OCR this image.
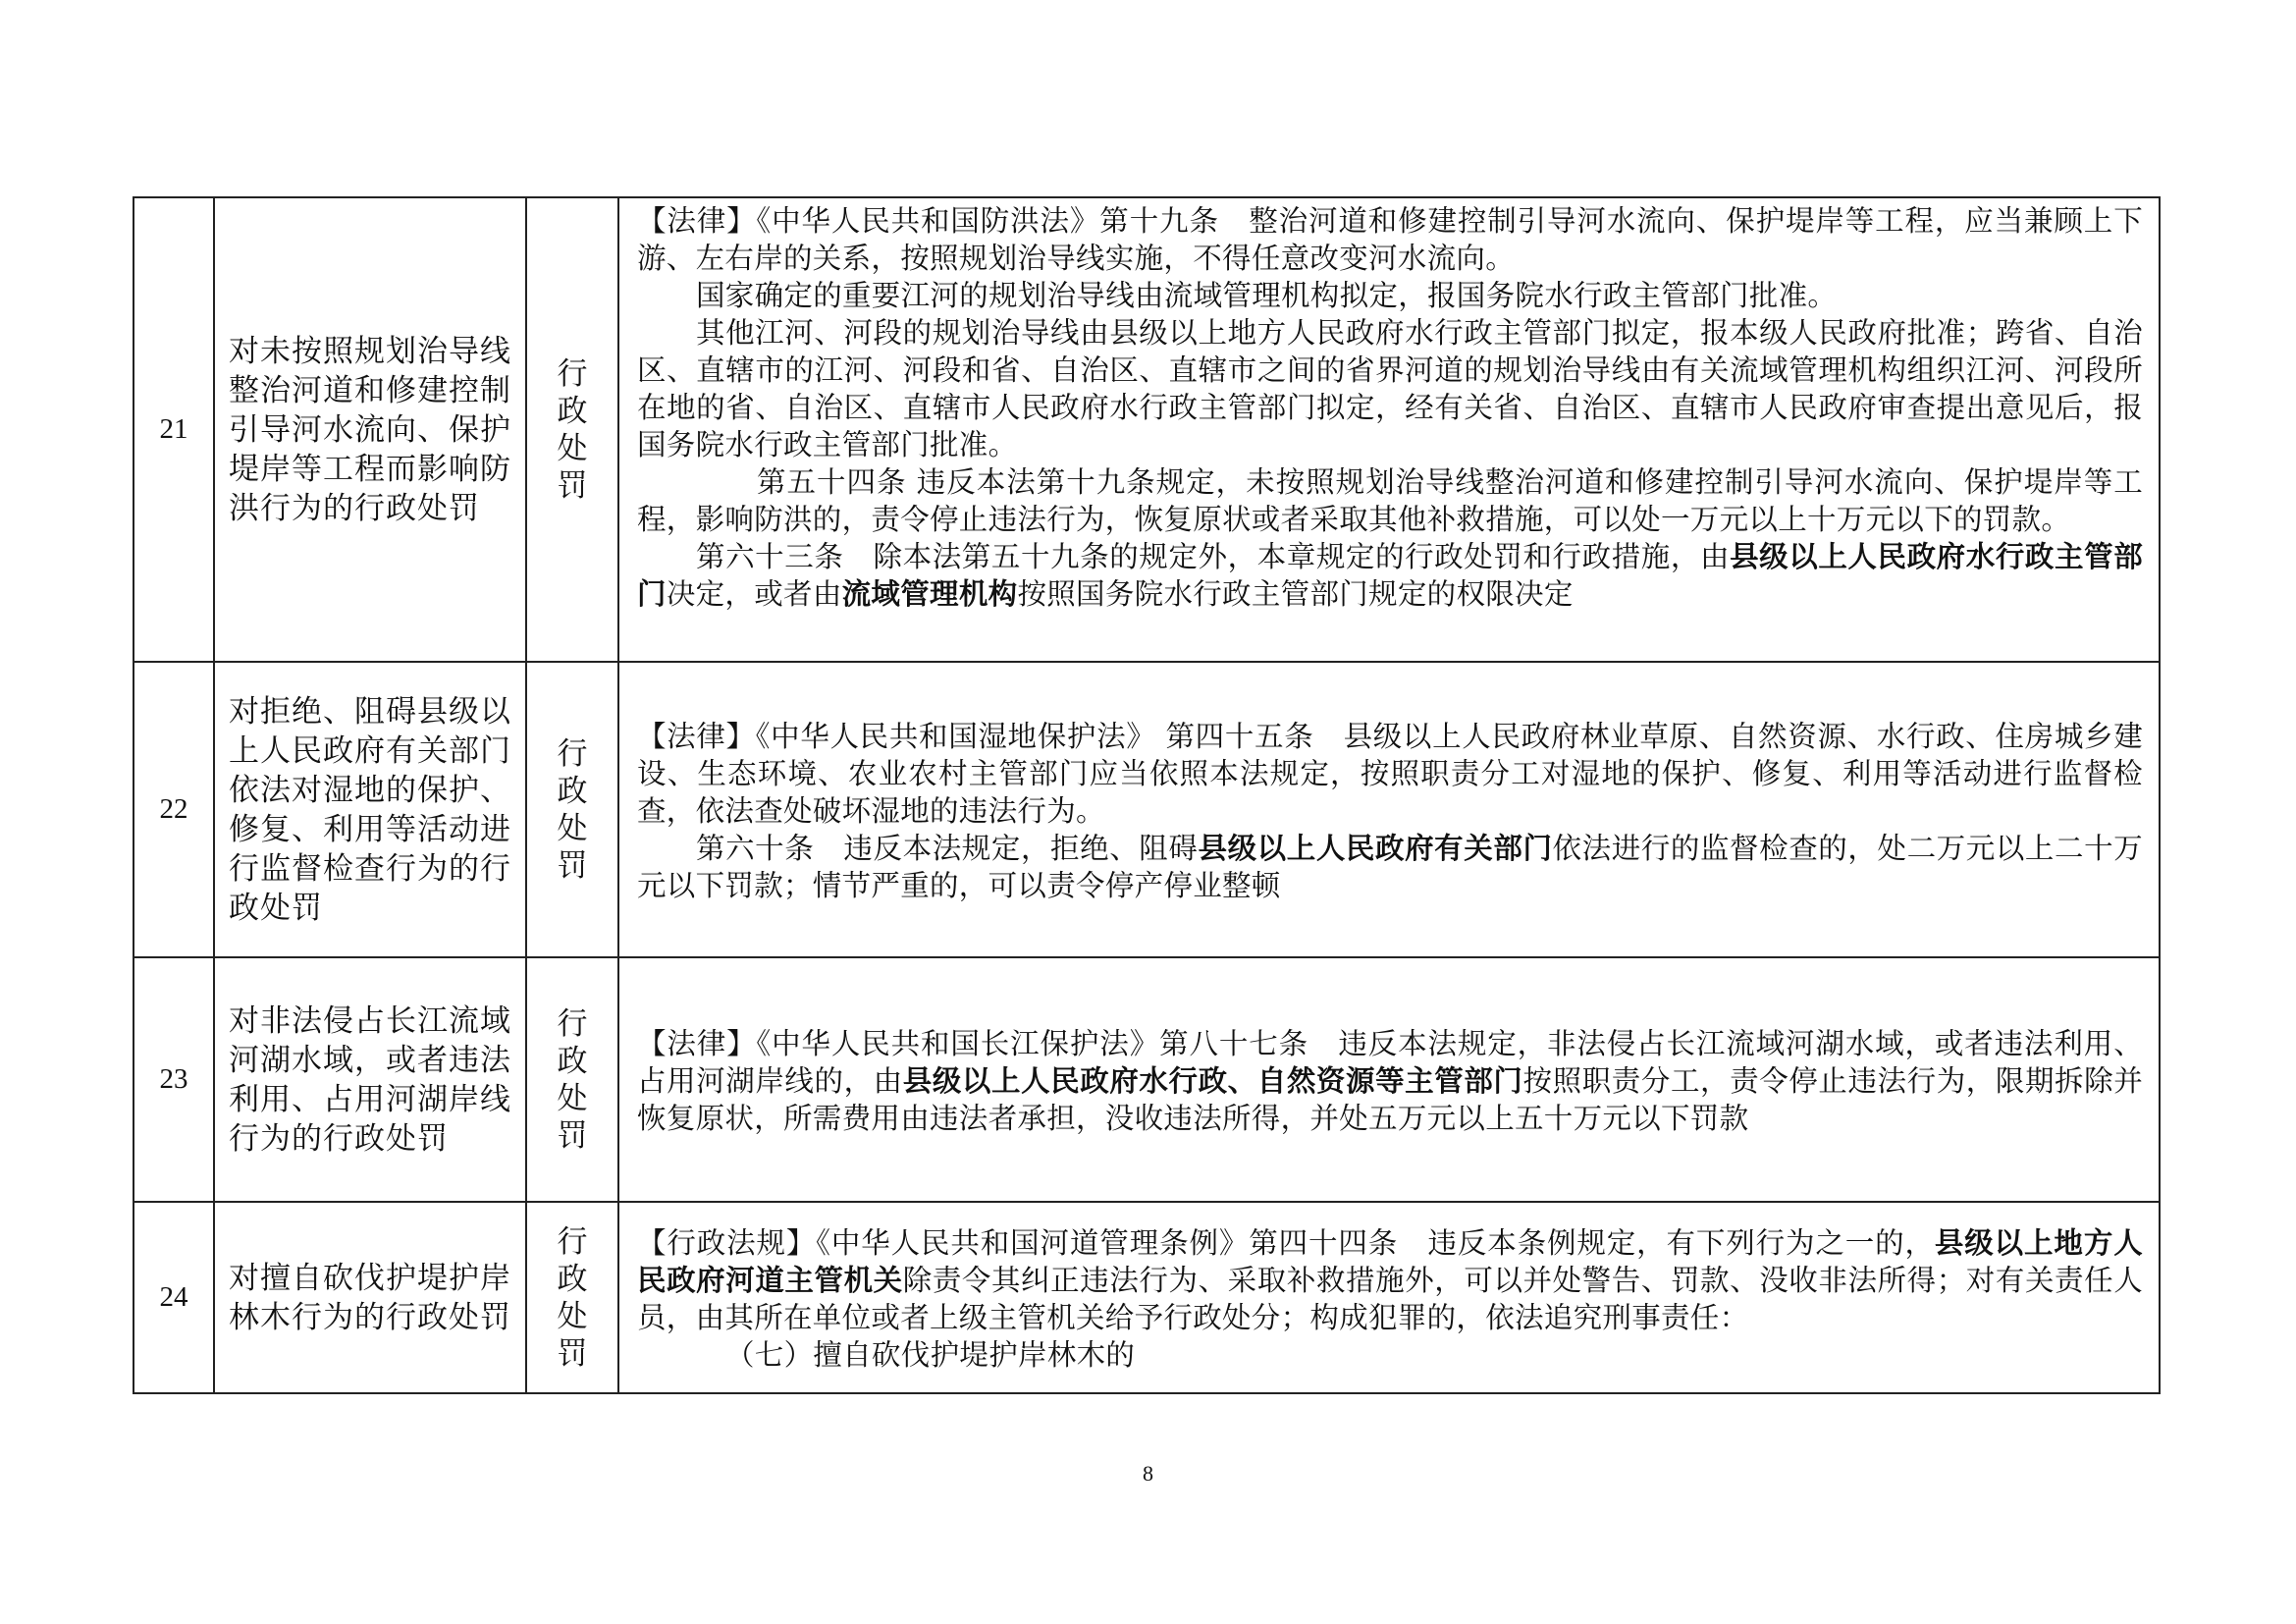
21	对未按照规划治导线整治河道和修建控制引导河水流向、保护堤岸等工程而影响防洪行为的行政处罚	行政处罚	【法律】《中华人民共和国防洪法》第十九条　整治河道和修建控制引导河水流向、保护堤岸等工程，应当兼顾上下游、左右岸的关系，按照规划治导线实施，不得任意改变河水流向。

国家确定的重要江河的规划治导线由流域管理机构拟定，报国务院水行政主管部门批准。

其他江河、河段的规划治导线由县级以上地方人民政府水行政主管部门拟定，报本级人民政府批准；跨省、自治区、直辖市的江河、河段和省、自治区、直辖市之间的省界河道的规划治导线由有关流域管理机构组织江河、河段所在地的省、自治区、直辖市人民政府水行政主管部门拟定，经有关省、自治区、直辖市人民政府审查提出意见后，报国务院水行政主管部门批准。

第五十四条 违反本法第十九条规定，未按照规划治导线整治河道和修建控制引导河水流向、保护堤岸等工程，影响防洪的，责令停止违法行为，恢复原状或者采取其他补救措施，可以处一万元以上十万元以下的罚款。

第六十三条　除本法第五十九条的规定外，本章规定的行政处罚和行政措施，由县级以上人民政府水行政主管部门决定，或者由流域管理机构按照国务院水行政主管部门规定的权限决定

22	对拒绝、阻碍县级以上人民政府有关部门依法对湿地的保护、修复、利用等活动进行监督检查行为的行政处罚	行政处罚	【法律】《中华人民共和国湿地保护法》 第四十五条　县级以上人民政府林业草原、自然资源、水行政、住房城乡建设、生态环境、农业农村主管部门应当依照本法规定，按照职责分工对湿地的保护、修复、利用等活动进行监督检查，依法查处破坏湿地的违法行为。

第六十条　违反本法规定，拒绝、阻碍县级以上人民政府有关部门依法进行的监督检查的，处二万元以上二十万元以下罚款；情节严重的，可以责令停产停业整顿

23	对非法侵占长江流域河湖水域，或者违法利用、占用河湖岸线行为的行政处罚	行政处罚	【法律】《中华人民共和国长江保护法》第八十七条　违反本法规定，非法侵占长江流域河湖水域，或者违法利用、占用河湖岸线的，由县级以上人民政府水行政、自然资源等主管部门按照职责分工，责令停止违法行为，限期拆除并恢复原状，所需费用由违法者承担，没收违法所得，并处五万元以上五十万元以下罚款

24	对擅自砍伐护堤护岸林木行为的行政处罚	行政处罚	【行政法规】《中华人民共和国河道管理条例》第四十四条　违反本条例规定，有下列行为之一的，县级以上地方人民政府河道主管机关除责令其纠正违法行为、采取补救措施外，可以并处警告、罚款、没收非法所得；对有关责任人员，由其所在单位或者上级主管机关给予行政处分；构成犯罪的，依法追究刑事责任：

（七）擅自砍伐护堤护岸林木的

8
